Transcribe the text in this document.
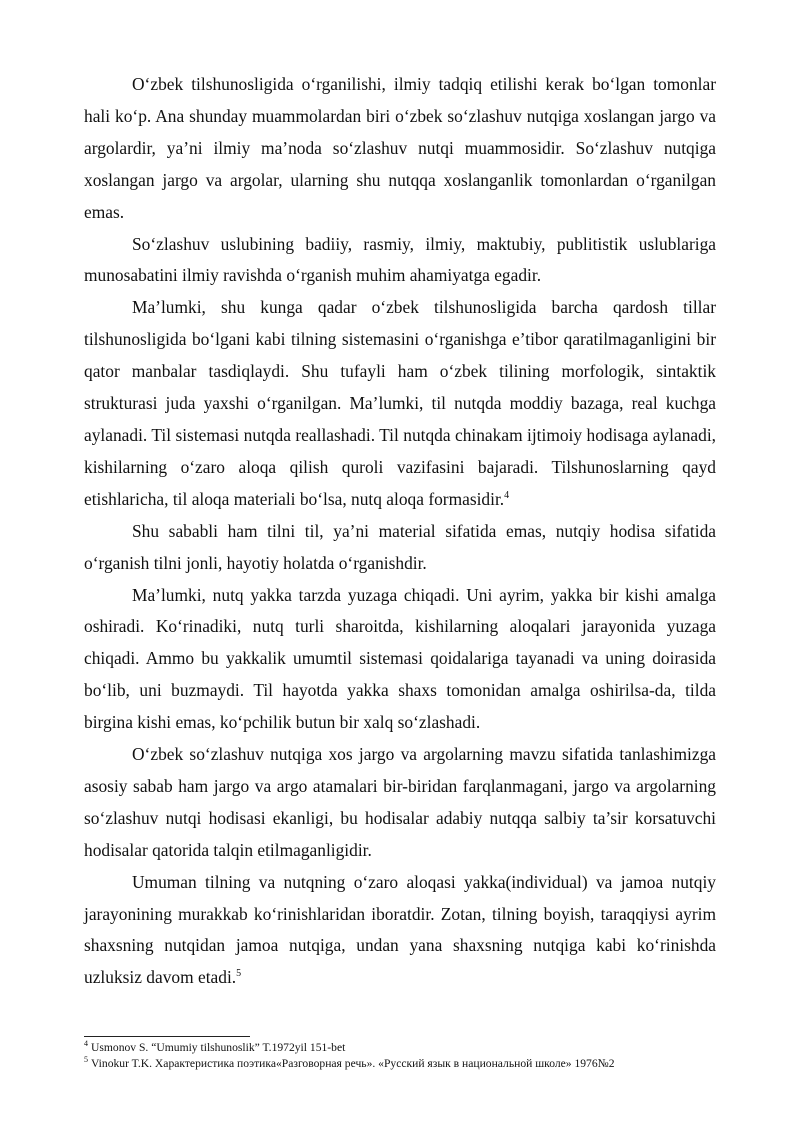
O‘zbek tilshunosligida o‘rganilishi, ilmiy tadqiq etilishi kerak bo‘lgan tomonlar hali ko‘p. Ana shunday muammolardan biri o‘zbek so‘zlashuv nutqiga xoslangan jargo va argolardir, ya’ni ilmiy ma’noda so‘zlashuv nutqi muammosidir. So‘zlashuv nutqiga xoslangan jargo va argolar, ularning shu nutqqa xoslanganlik tomonlardan o‘rganilgan emas.

So‘zlashuv uslubining badiiy, rasmiy, ilmiy, maktubiy, publitistik uslublariga munosabatini ilmiy ravishda o‘rganish muhim ahamiyatga egadir.

Ma’lumki, shu kunga qadar o‘zbek tilshunosligida barcha qardosh tillar tilshunosligida bo‘lgani kabi tilning sistemasini o‘rganishga e’tibor qaratilmaganligini bir qator manbalar tasdiqlaydi. Shu tufayli ham o‘zbek tilining morfologik, sintaktik strukturasi juda yaxshi o‘rganilgan. Ma’lumki, til nutqda moddiy bazaga, real kuchga aylanadi. Til sistemasi nutqda reallashadi. Til nutqda chinakam ijtimoiy hodisaga aylanadi, kishilarning o‘zaro aloqa qilish quroli vazifasini bajaradi. Tilshunoslarning qayd etishlaricha, til aloqa materiali bo‘lsa, nutq aloqa formasidir.$^4$

Shu sababli ham tilni til, ya’ni material sifatida emas, nutqiy hodisa sifatida o‘rganish tilni jonli, hayotiy holatda o‘rganishdir.

Ma’lumki, nutq yakka tarzda yuzaga chiqadi. Uni ayrim, yakka bir kishi amalga oshiradi. Ko‘rinadiki, nutq turli sharoitda, kishilarning aloqalari jarayonida yuzaga chiqadi. Ammo bu yakkalik umumtil sistemasi qoidalariga tayanadi va uning doirasida bo‘lib, uni buzmaydi. Til hayotda yakka shaxs tomonidan amalga oshirilsa-da, tilda birgina kishi emas, ko‘pchilik butun bir xalq so‘zlashadi.

O‘zbek so‘zlashuv nutqiga xos jargo va argolarning mavzu sifatida tanlashimizga asosiy sabab ham jargo va argo atamalari bir-biridan farqlanmagani, jargo va argolarning so‘zlashuv nutqi hodisasi ekanligi, bu hodisalar adabiy nutqqa salbiy ta’sir korsatuvchi hodisalar qatorida talqin etilmaganligidir.

Umuman tilning va nutqning o‘zaro aloqasi yakka(individual) va jamoa nutqiy jarayonining murakkab ko‘rinishlaridan iboratdir. Zotan, tilning boyish, taraqqiysi ayrim shaxsning nutqidan jamoa nutqiga, undan yana shaxsning nutqiga kabi ko‘rinishda uzluksiz davom etadi.$^5$

$^4$ Usmonov S. “Umumiy tilshunoslik” T.1972yil 151-bet
$^5$ Vinokur T.K. Характеристика поэтика«Разговорная речь». «Русский язык в национальной школе» 1976№2
